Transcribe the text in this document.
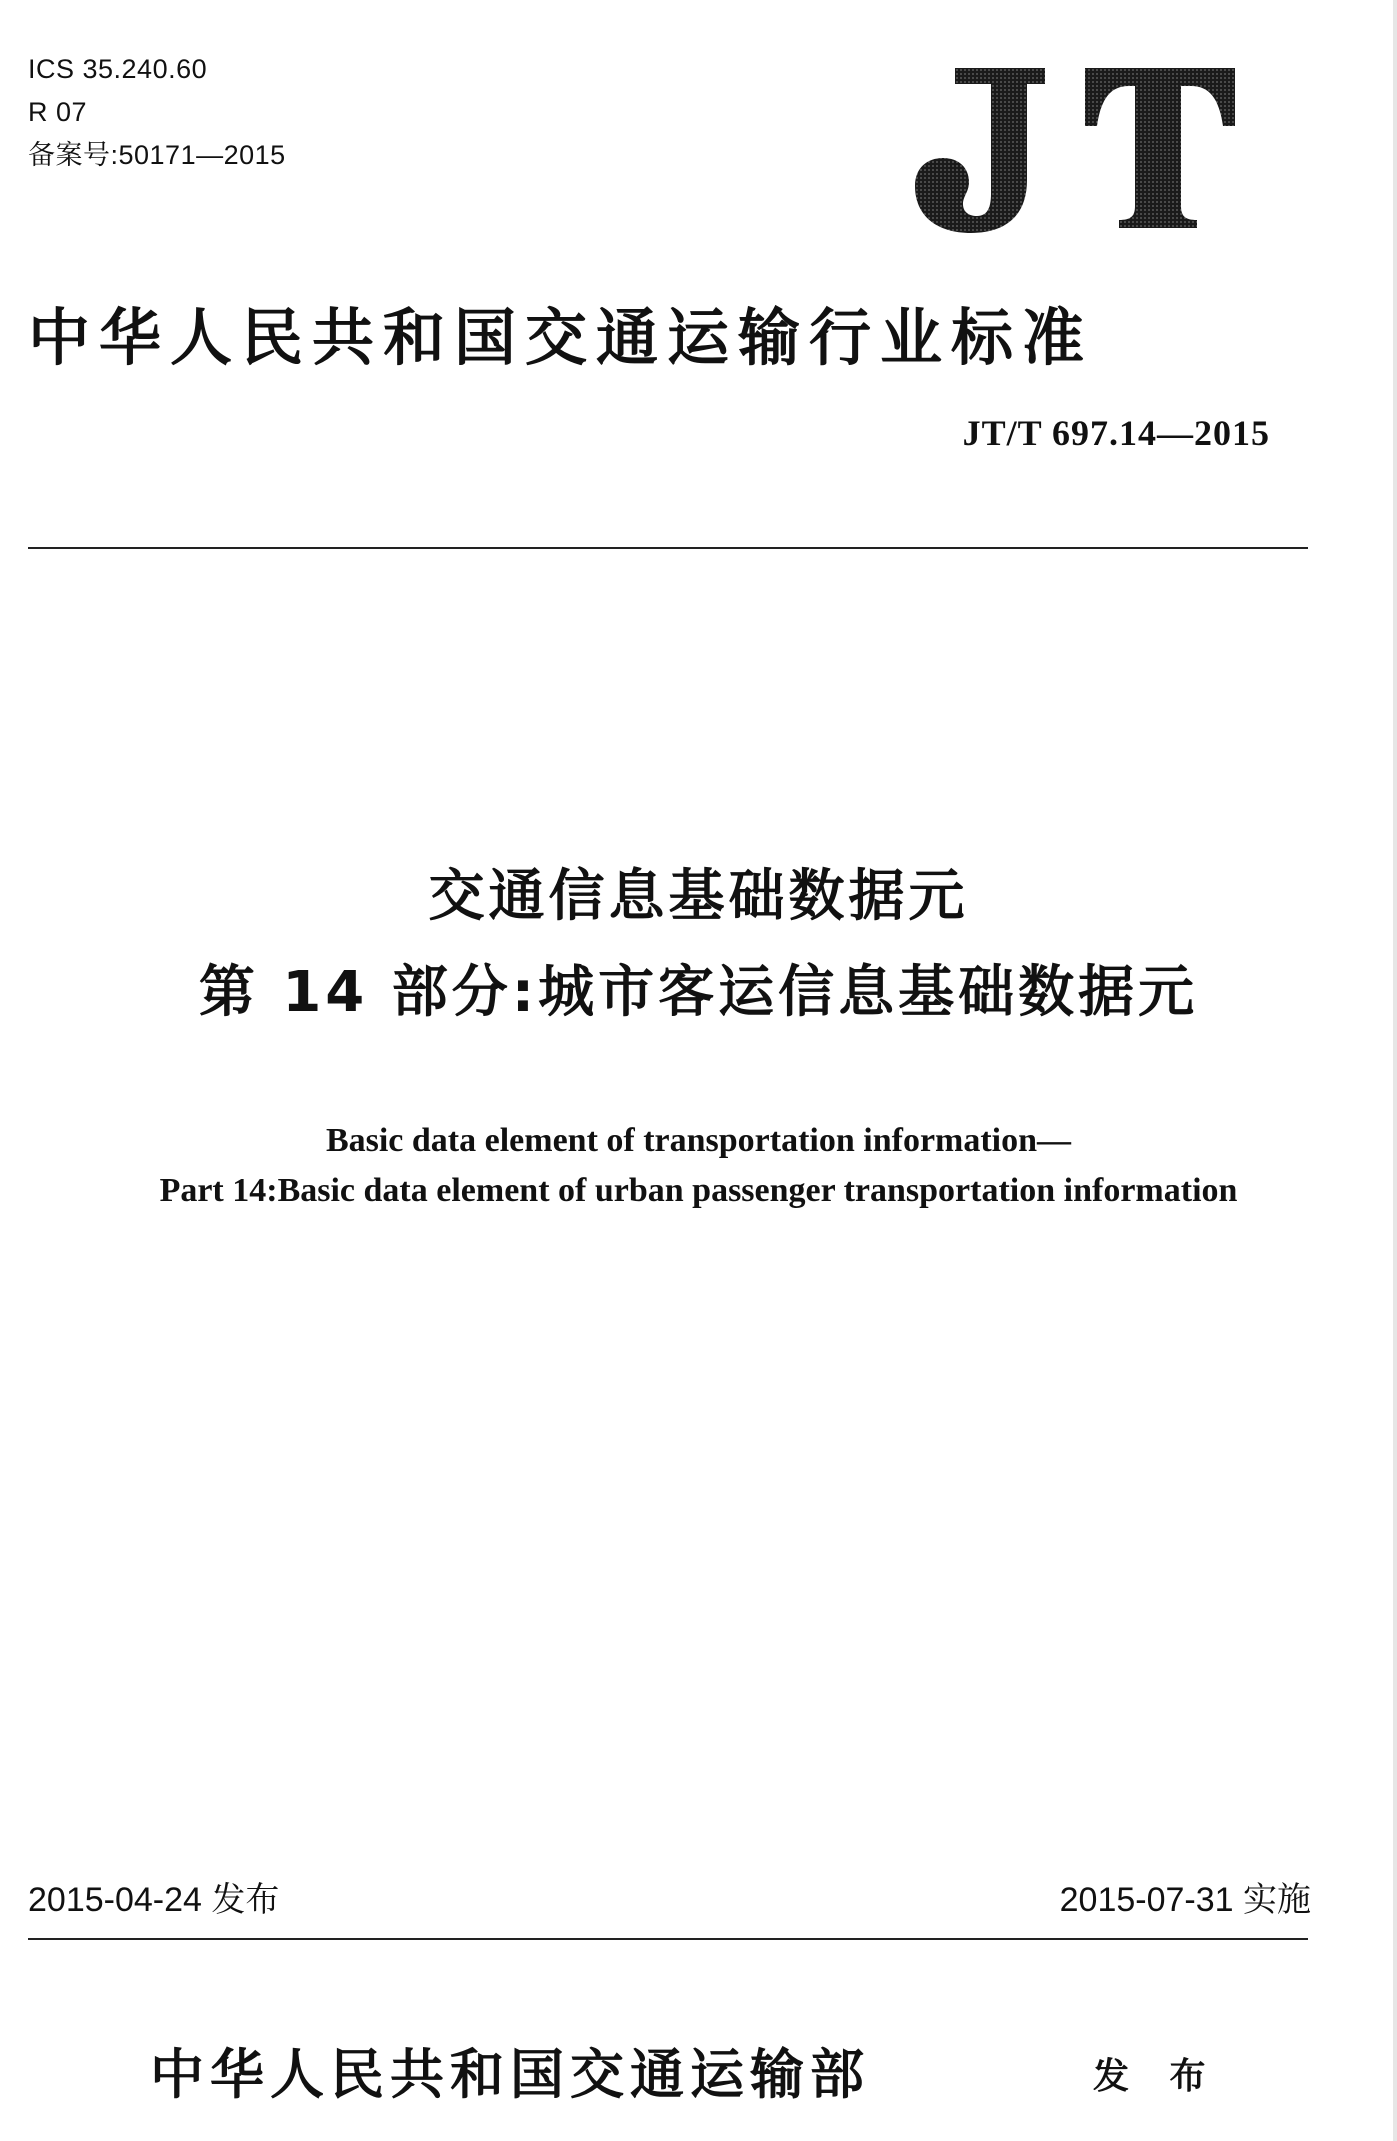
ICS 35.240.60
R 07
备案号:50171—2015
中华人民共和国交通运输行业标准
JT/T 697.14—2015
交通信息基础数据元
第 14 部分:城市客运信息基础数据元
Basic data element of transportation information—
Part 14:Basic data element of urban passenger transportation information
2015-04-24 发布	2015-07-31 实施
中华人民共和国交通运输部	发 布
